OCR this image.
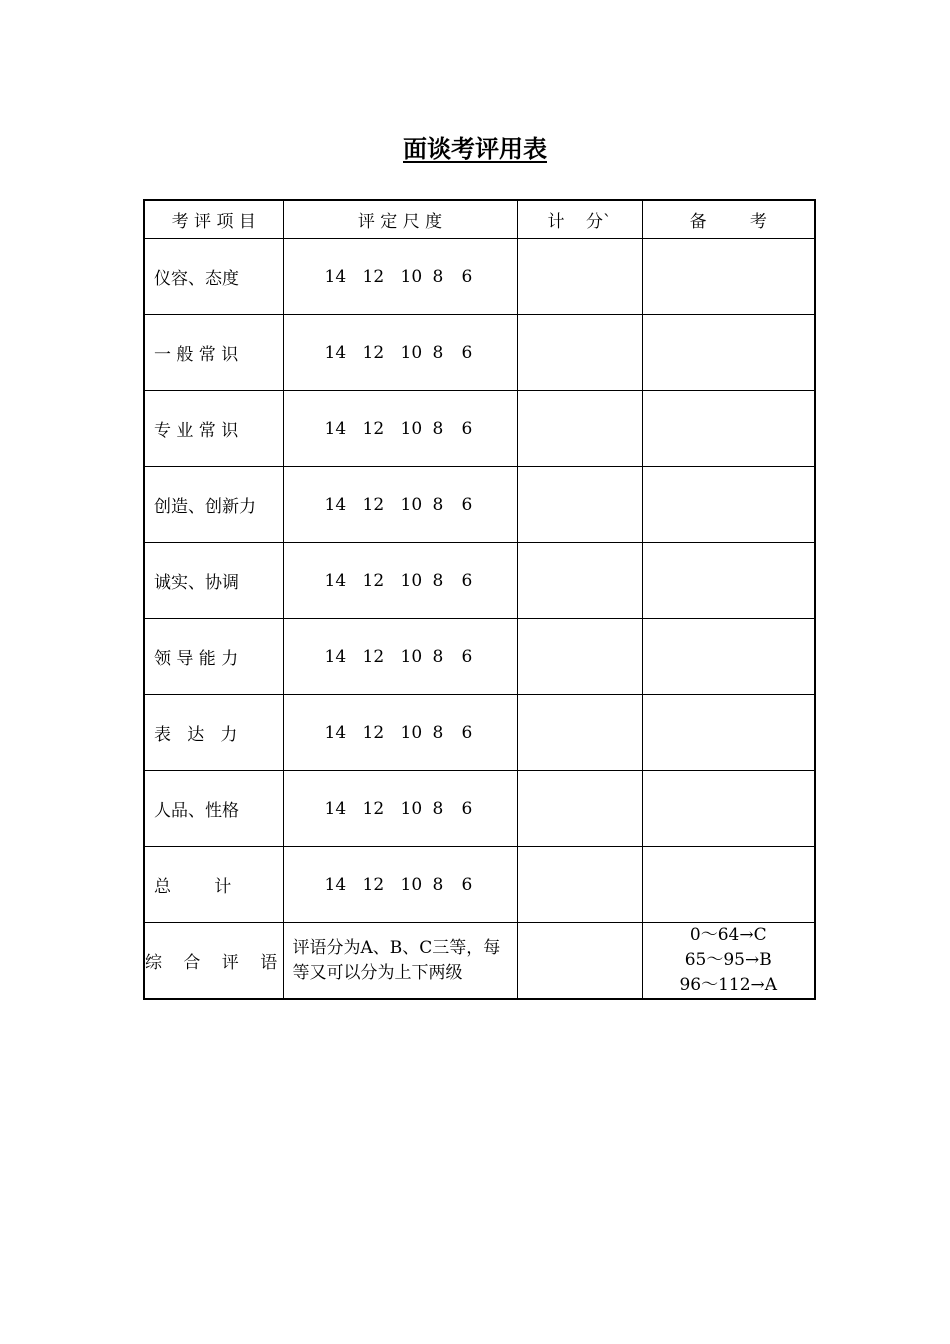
面谈考评用表
考 评 项 目	评 定 尺 度	计    分`	备        考
仪容、态度	14 12 10 8 6		
一 般 常 识	14 12 10 8 6		
专 业 常 识	14 12 10 8 6		
创造、创新力	14 12 10 8 6		
诚实、协调	14 12 10 8 6		
领 导 能 力	14 12 10 8 6		
表   达   力	14 12 10 8 6		
人品、性格	14 12 10 8 6		
总        计	14 12 10 8 6		
综 合 评 语	评语分为A、B、C三等，每等又可以分为上下两级		0～64→C
65～95→B
96～112→A
